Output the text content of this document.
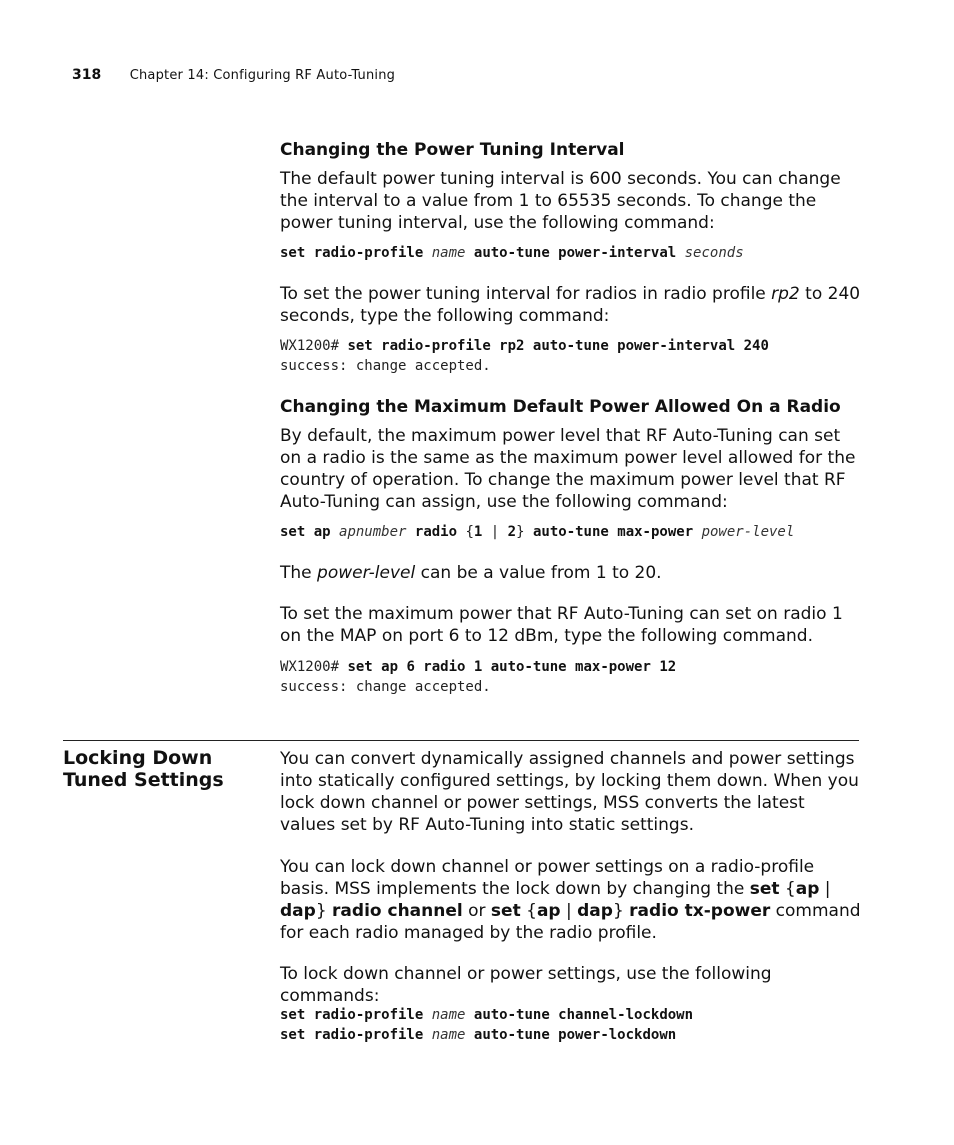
318 Chapter 14: Configuring RF Auto-Tuning
Changing the Power Tuning Interval
The default power tuning interval is 600 seconds. You can change the interval to a value from 1 to 65535 seconds. To change the power tuning interval, use the following command:
set radio-profile name auto-tune power-interval seconds
To set the power tuning interval for radios in radio profile rp2 to 240 seconds, type the following command:
WX1200# set radio-profile rp2 auto-tune power-interval 240
success: change accepted.
Changing the Maximum Default Power Allowed On a Radio
By default, the maximum power level that RF Auto-Tuning can set on a radio is the same as the maximum power level allowed for the country of operation. To change the maximum power level that RF Auto-Tuning can assign, use the following command:
set ap apnumber radio {1 | 2} auto-tune max-power power-level
The power-level can be a value from 1 to 20.
To set the maximum power that RF Auto-Tuning can set on radio 1 on the MAP on port 6 to 12 dBm, type the following command.
WX1200# set ap 6 radio 1 auto-tune max-power 12
success: change accepted.
Locking Down Tuned Settings
You can convert dynamically assigned channels and power settings into statically configured settings, by locking them down. When you lock down channel or power settings, MSS converts the latest values set by RF Auto-Tuning into static settings.
You can lock down channel or power settings on a radio-profile basis. MSS implements the lock down by changing the set {ap | dap} radio channel or set {ap | dap} radio tx-power command for each radio managed by the radio profile.
To lock down channel or power settings, use the following commands:
set radio-profile name auto-tune channel-lockdown
set radio-profile name auto-tune power-lockdown
